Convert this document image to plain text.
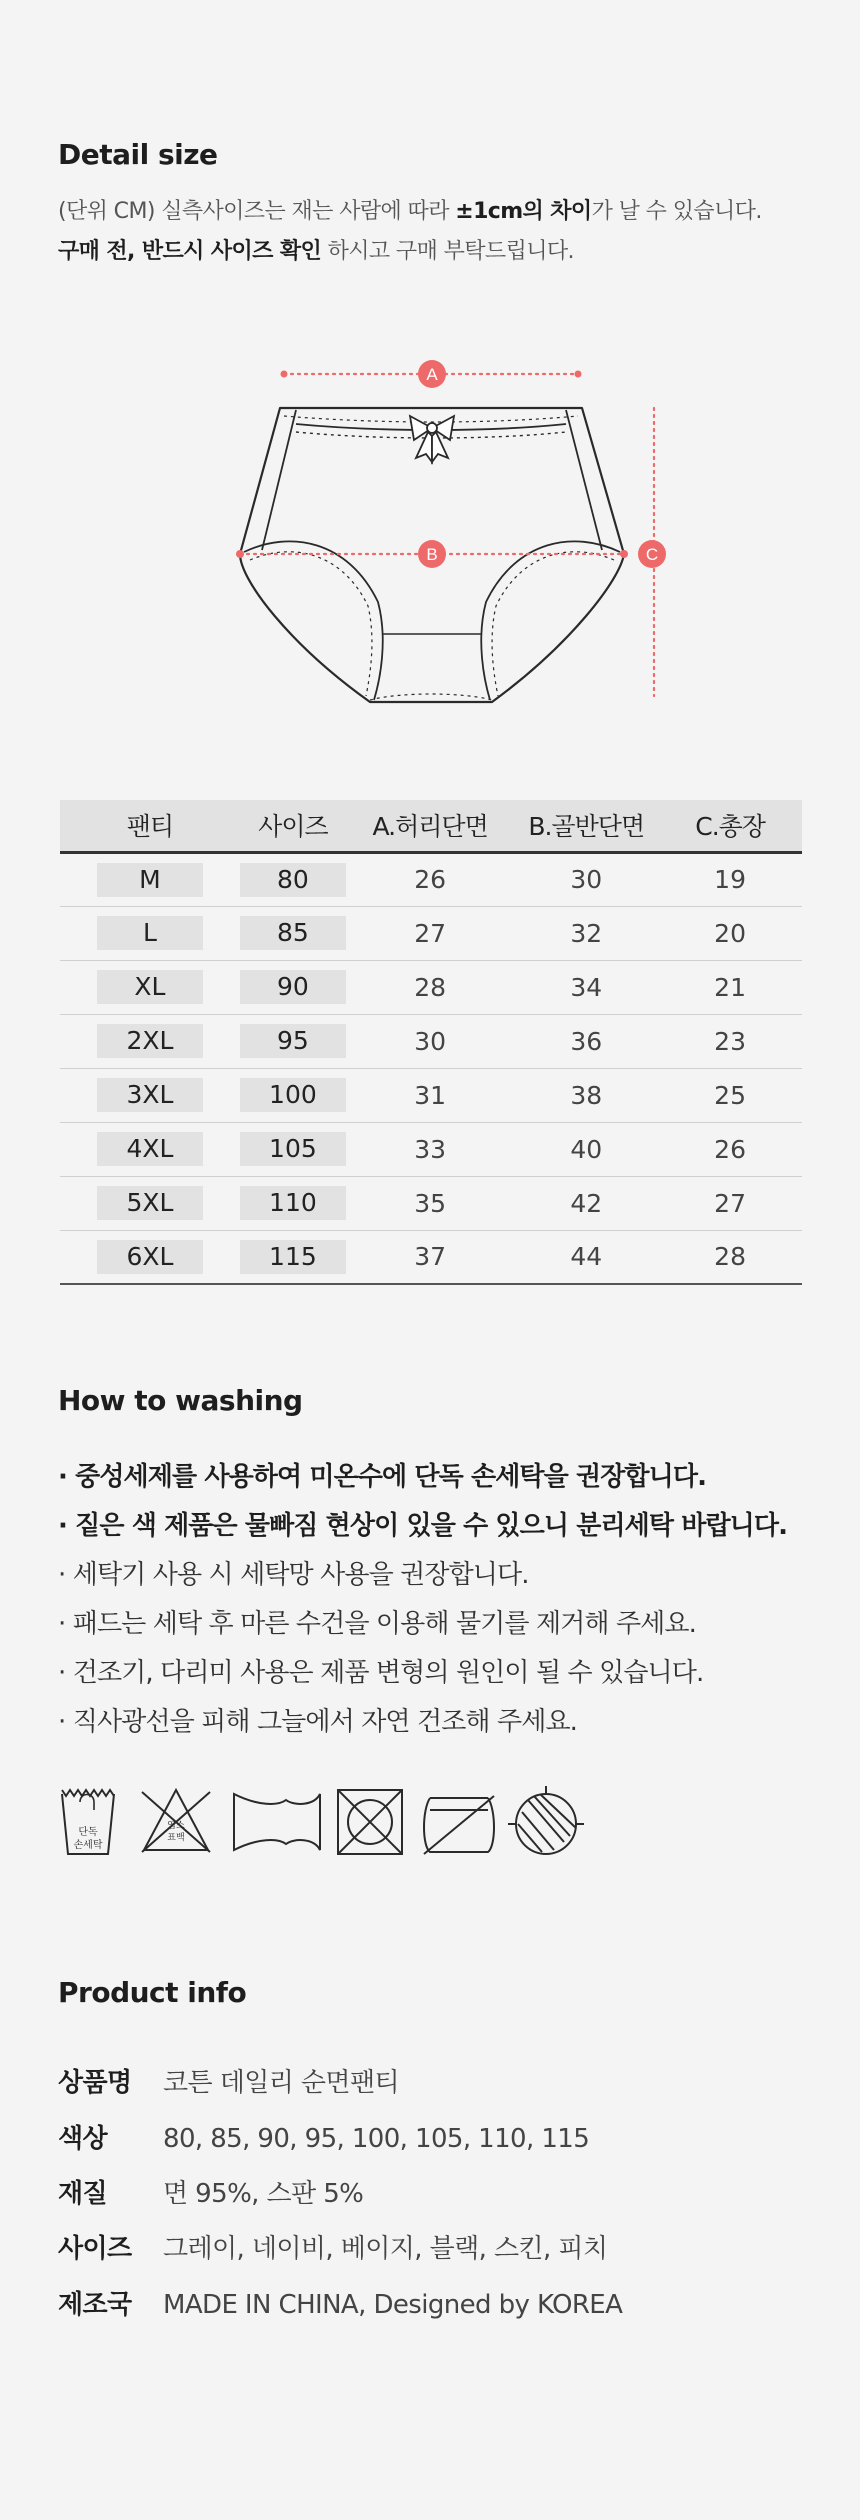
Detail size
(단위 CM) 실측사이즈는 재는 사람에 따라 ±1cm의 차이가 날 수 있습니다.
구매 전, 반드시 사이즈 확인 하시고 구매 부탁드립니다.
A
B	C
팬티	사이즈	A.허리단면	B.골반단면	C.총장
M	80	26	30	19
L	85	27	32	20
XL	90	28	34	21
2XL	95	30	36	23
3XL	100	31	38	25
4XL	105	33	40	26
5XL	110	35	42	27
6XL	115	37	44	28
How to washing
· 중성세제를 사용하여 미온수에 단독 손세탁을 권장합니다.
· 짙은 색 제품은 물빠짐 현상이 있을 수 있으니 분리세탁 바랍니다.
· 세탁기 사용 시 세탁망 사용을 권장합니다.
· 패드는 세탁 후 마른 수건을 이용해 물기를 제거해 주세요.
· 건조기, 다리미 사용은 제품 변형의 원인이 될 수 있습니다.
· 직사광선을 피해 그늘에서 자연 건조해 주세요.
단독
손세탁
염소
표백
Product info
상품명 코튼 데일리 순면팬티
색상 80, 85, 90, 95, 100, 105, 110, 115
재질 면 95%, 스판 5%
사이즈 그레이, 네이비, 베이지, 블랙, 스킨, 피치
제조국 MADE IN CHINA, Designed by KOREA
